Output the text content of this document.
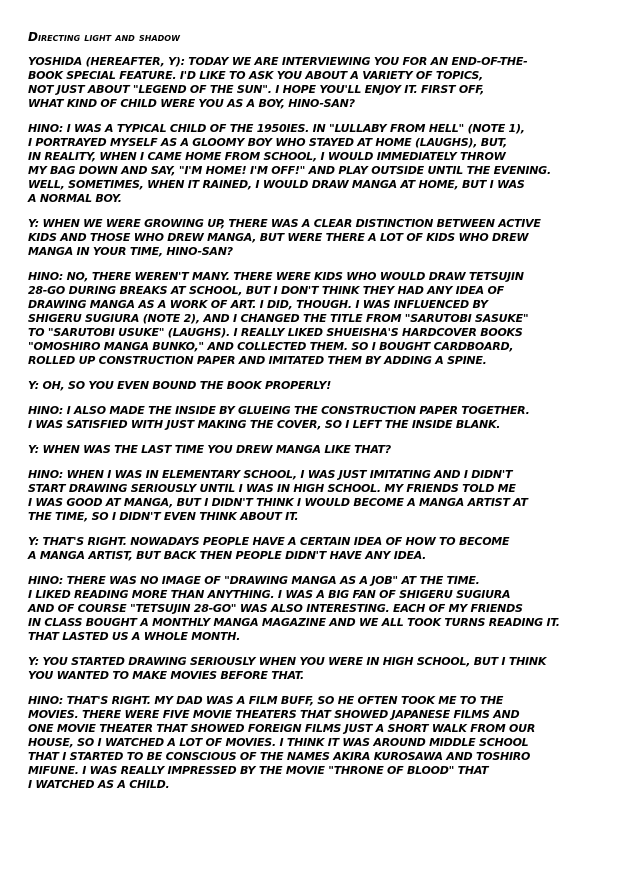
Directing light and shadow
YOSHIDA (HEREAFTER, Y): TODAY WE ARE INTERVIEWING YOU FOR AN END-OF-THE-
BOOK SPECIAL FEATURE. I'D LIKE TO ASK YOU ABOUT A VARIETY OF TOPICS,
NOT JUST ABOUT "LEGEND OF THE SUN". I HOPE YOU'LL ENJOY IT. FIRST OFF,
WHAT KIND OF CHILD WERE YOU AS A BOY, HINO-SAN?
HINO: I WAS A TYPICAL CHILD OF THE 1950IES. IN "LULLABY FROM HELL" (NOTE 1),
I PORTRAYED MYSELF AS A GLOOMY BOY WHO STAYED AT HOME (LAUGHS), BUT,
IN REALITY, WHEN I CAME HOME FROM SCHOOL, I WOULD IMMEDIATELY THROW
MY BAG DOWN AND SAY, "I'M HOME! I'M OFF!" AND PLAY OUTSIDE UNTIL THE EVENING.
WELL, SOMETIMES, WHEN IT RAINED, I WOULD DRAW MANGA AT HOME, BUT I WAS
A NORMAL BOY.
Y: WHEN WE WERE GROWING UP, THERE WAS A CLEAR DISTINCTION BETWEEN ACTIVE
KIDS AND THOSE WHO DREW MANGA, BUT WERE THERE A LOT OF KIDS WHO DREW
MANGA IN YOUR TIME, HINO-SAN?
HINO: NO, THERE WEREN'T MANY. THERE WERE KIDS WHO WOULD DRAW TETSUJIN
28-GO DURING BREAKS AT SCHOOL, BUT I DON'T THINK THEY HAD ANY IDEA OF
DRAWING MANGA AS A WORK OF ART. I DID, THOUGH. I WAS INFLUENCED BY
SHIGERU SUGIURA (NOTE 2), AND I CHANGED THE TITLE FROM "SARUTOBI SASUKE"
TO "SARUTOBI USUKE" (LAUGHS). I REALLY LIKED SHUEISHA'S HARDCOVER BOOKS
"OMOSHIRO MANGA BUNKO," AND COLLECTED THEM. SO I BOUGHT CARDBOARD,
ROLLED UP CONSTRUCTION PAPER AND IMITATED THEM BY ADDING A SPINE.
Y: OH, SO YOU EVEN BOUND THE BOOK PROPERLY!
HINO: I ALSO MADE THE INSIDE BY GLUEING THE CONSTRUCTION PAPER TOGETHER.
I WAS SATISFIED WITH JUST MAKING THE COVER, SO I LEFT THE INSIDE BLANK.
Y: WHEN WAS THE LAST TIME YOU DREW MANGA LIKE THAT?
HINO: WHEN I WAS IN ELEMENTARY SCHOOL, I WAS JUST IMITATING AND I DIDN'T
START DRAWING SERIOUSLY UNTIL I WAS IN HIGH SCHOOL. MY FRIENDS TOLD ME
I WAS GOOD AT MANGA, BUT I DIDN'T THINK I WOULD BECOME A MANGA ARTIST AT
THE TIME, SO I DIDN'T EVEN THINK ABOUT IT.
Y: THAT'S RIGHT. NOWADAYS PEOPLE HAVE A CERTAIN IDEA OF HOW TO BECOME
A MANGA ARTIST, BUT BACK THEN PEOPLE DIDN'T HAVE ANY IDEA.
HINO: THERE WAS NO IMAGE OF "DRAWING MANGA AS A JOB" AT THE TIME.
I LIKED READING MORE THAN ANYTHING. I WAS A BIG FAN OF SHIGERU SUGIURA
AND OF COURSE "TETSUJIN 28-GO" WAS ALSO INTERESTING. EACH OF MY FRIENDS
IN CLASS BOUGHT A MONTHLY MANGA MAGAZINE AND WE ALL TOOK TURNS READING IT.
THAT LASTED US A WHOLE MONTH.
Y: YOU STARTED DRAWING SERIOUSLY WHEN YOU WERE IN HIGH SCHOOL, BUT I THINK
YOU WANTED TO MAKE MOVIES BEFORE THAT.
HINO: THAT'S RIGHT. MY DAD WAS A FILM BUFF, SO HE OFTEN TOOK ME TO THE
MOVIES. THERE WERE FIVE MOVIE THEATERS THAT SHOWED JAPANESE FILMS AND
ONE MOVIE THEATER THAT SHOWED FOREIGN FILMS JUST A SHORT WALK FROM OUR
HOUSE, SO I WATCHED A LOT OF MOVIES. I THINK IT WAS AROUND MIDDLE SCHOOL
THAT I STARTED TO BE CONSCIOUS OF THE NAMES AKIRA KUROSAWA AND TOSHIRO
MIFUNE. I WAS REALLY IMPRESSED BY THE MOVIE "THRONE OF BLOOD" THAT
I WATCHED AS A CHILD.
